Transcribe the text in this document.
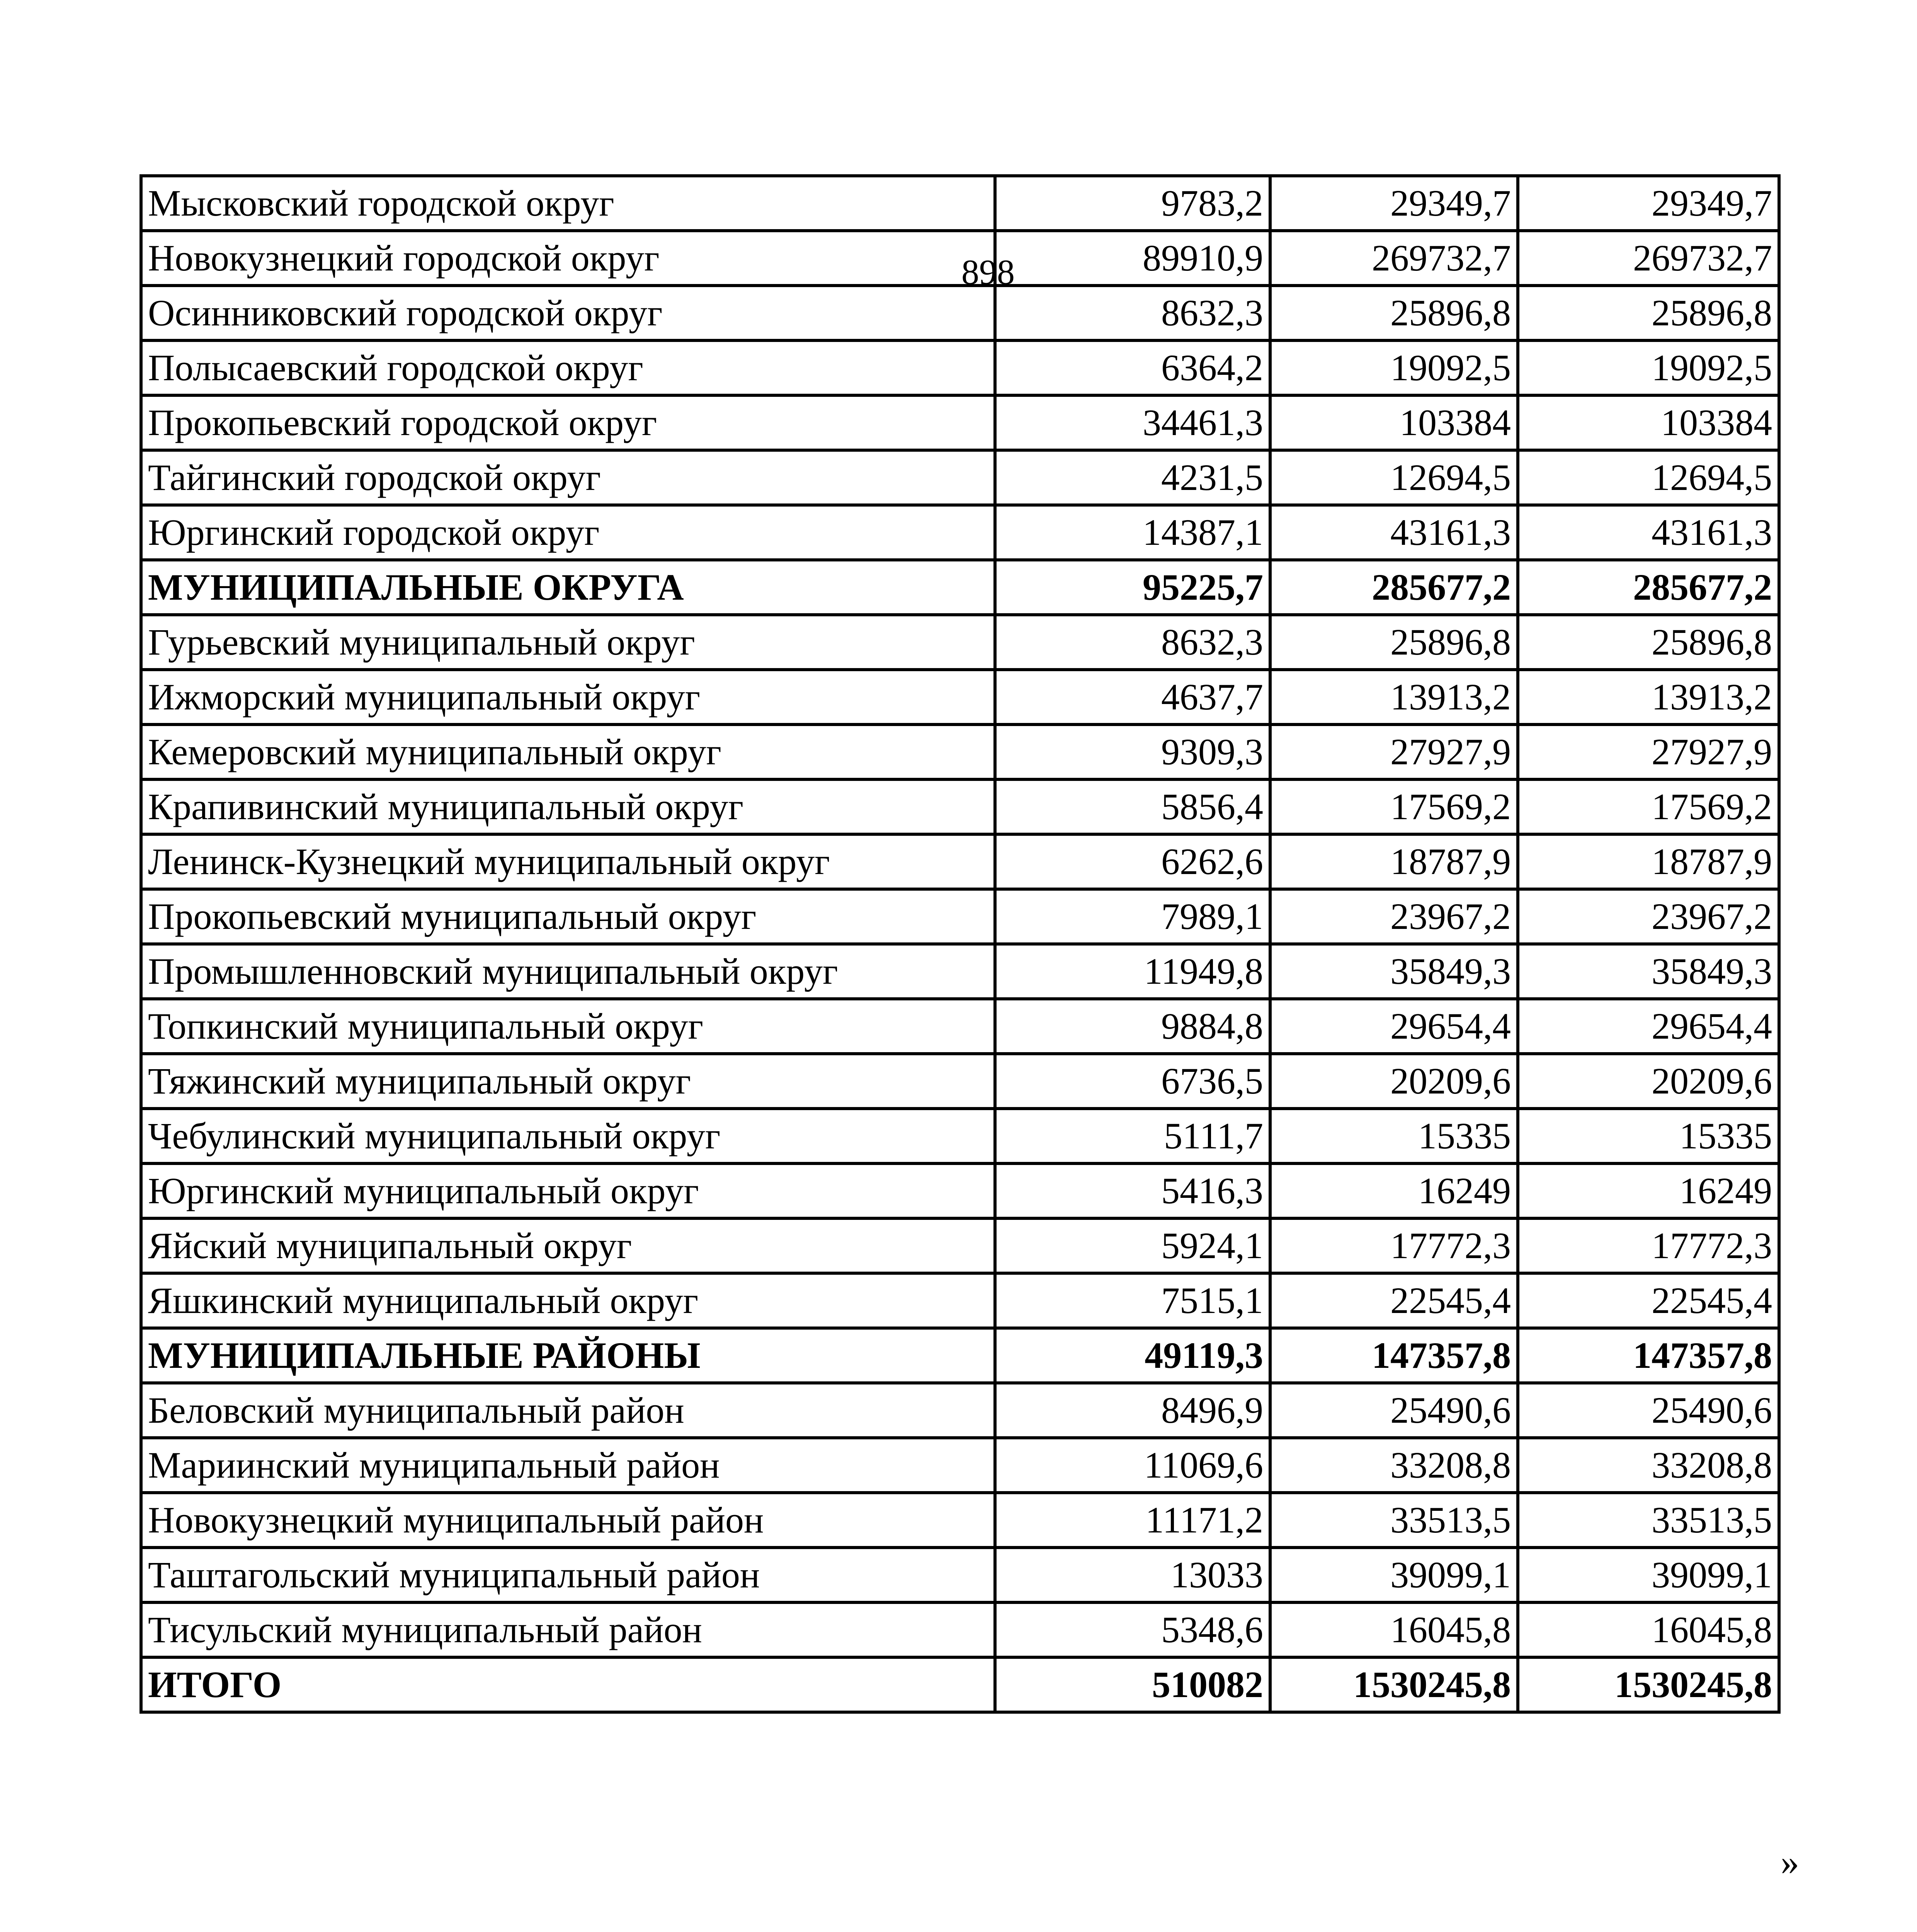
898
Мысковский городской округ	9783,2	29349,7	29349,7
Новокузнецкий городской округ	89910,9	269732,7	269732,7
Осинниковский городской округ	8632,3	25896,8	25896,8
Полысаевский городской округ	6364,2	19092,5	19092,5
Прокопьевский городской округ	34461,3	103384	103384
Тайгинский городской округ	4231,5	12694,5	12694,5
Юргинский городской округ	14387,1	43161,3	43161,3
МУНИЦИПАЛЬНЫЕ ОКРУГА	95225,7	285677,2	285677,2
Гурьевский муниципальный округ	8632,3	25896,8	25896,8
Ижморский муниципальный округ	4637,7	13913,2	13913,2
Кемеровский муниципальный округ	9309,3	27927,9	27927,9
Крапивинский муниципальный округ	5856,4	17569,2	17569,2
Ленинск-Кузнецкий муниципальный округ	6262,6	18787,9	18787,9
Прокопьевский муниципальный округ	7989,1	23967,2	23967,2
Промышленновский муниципальный округ	11949,8	35849,3	35849,3
Топкинский муниципальный округ	9884,8	29654,4	29654,4
Тяжинский муниципальный округ	6736,5	20209,6	20209,6
Чебулинский муниципальный округ	5111,7	15335	15335
Юргинский муниципальный округ	5416,3	16249	16249
Яйский муниципальный округ	5924,1	17772,3	17772,3
Яшкинский муниципальный округ	7515,1	22545,4	22545,4
МУНИЦИПАЛЬНЫЕ РАЙОНЫ	49119,3	147357,8	147357,8
Беловский муниципальный район	8496,9	25490,6	25490,6
Мариинский муниципальный район	11069,6	33208,8	33208,8
Новокузнецкий муниципальный район	11171,2	33513,5	33513,5
Таштагольский муниципальный район	13033	39099,1	39099,1
Тисульский муниципальный район	5348,6	16045,8	16045,8
ИТОГО	510082	1530245,8	1530245,8
»
